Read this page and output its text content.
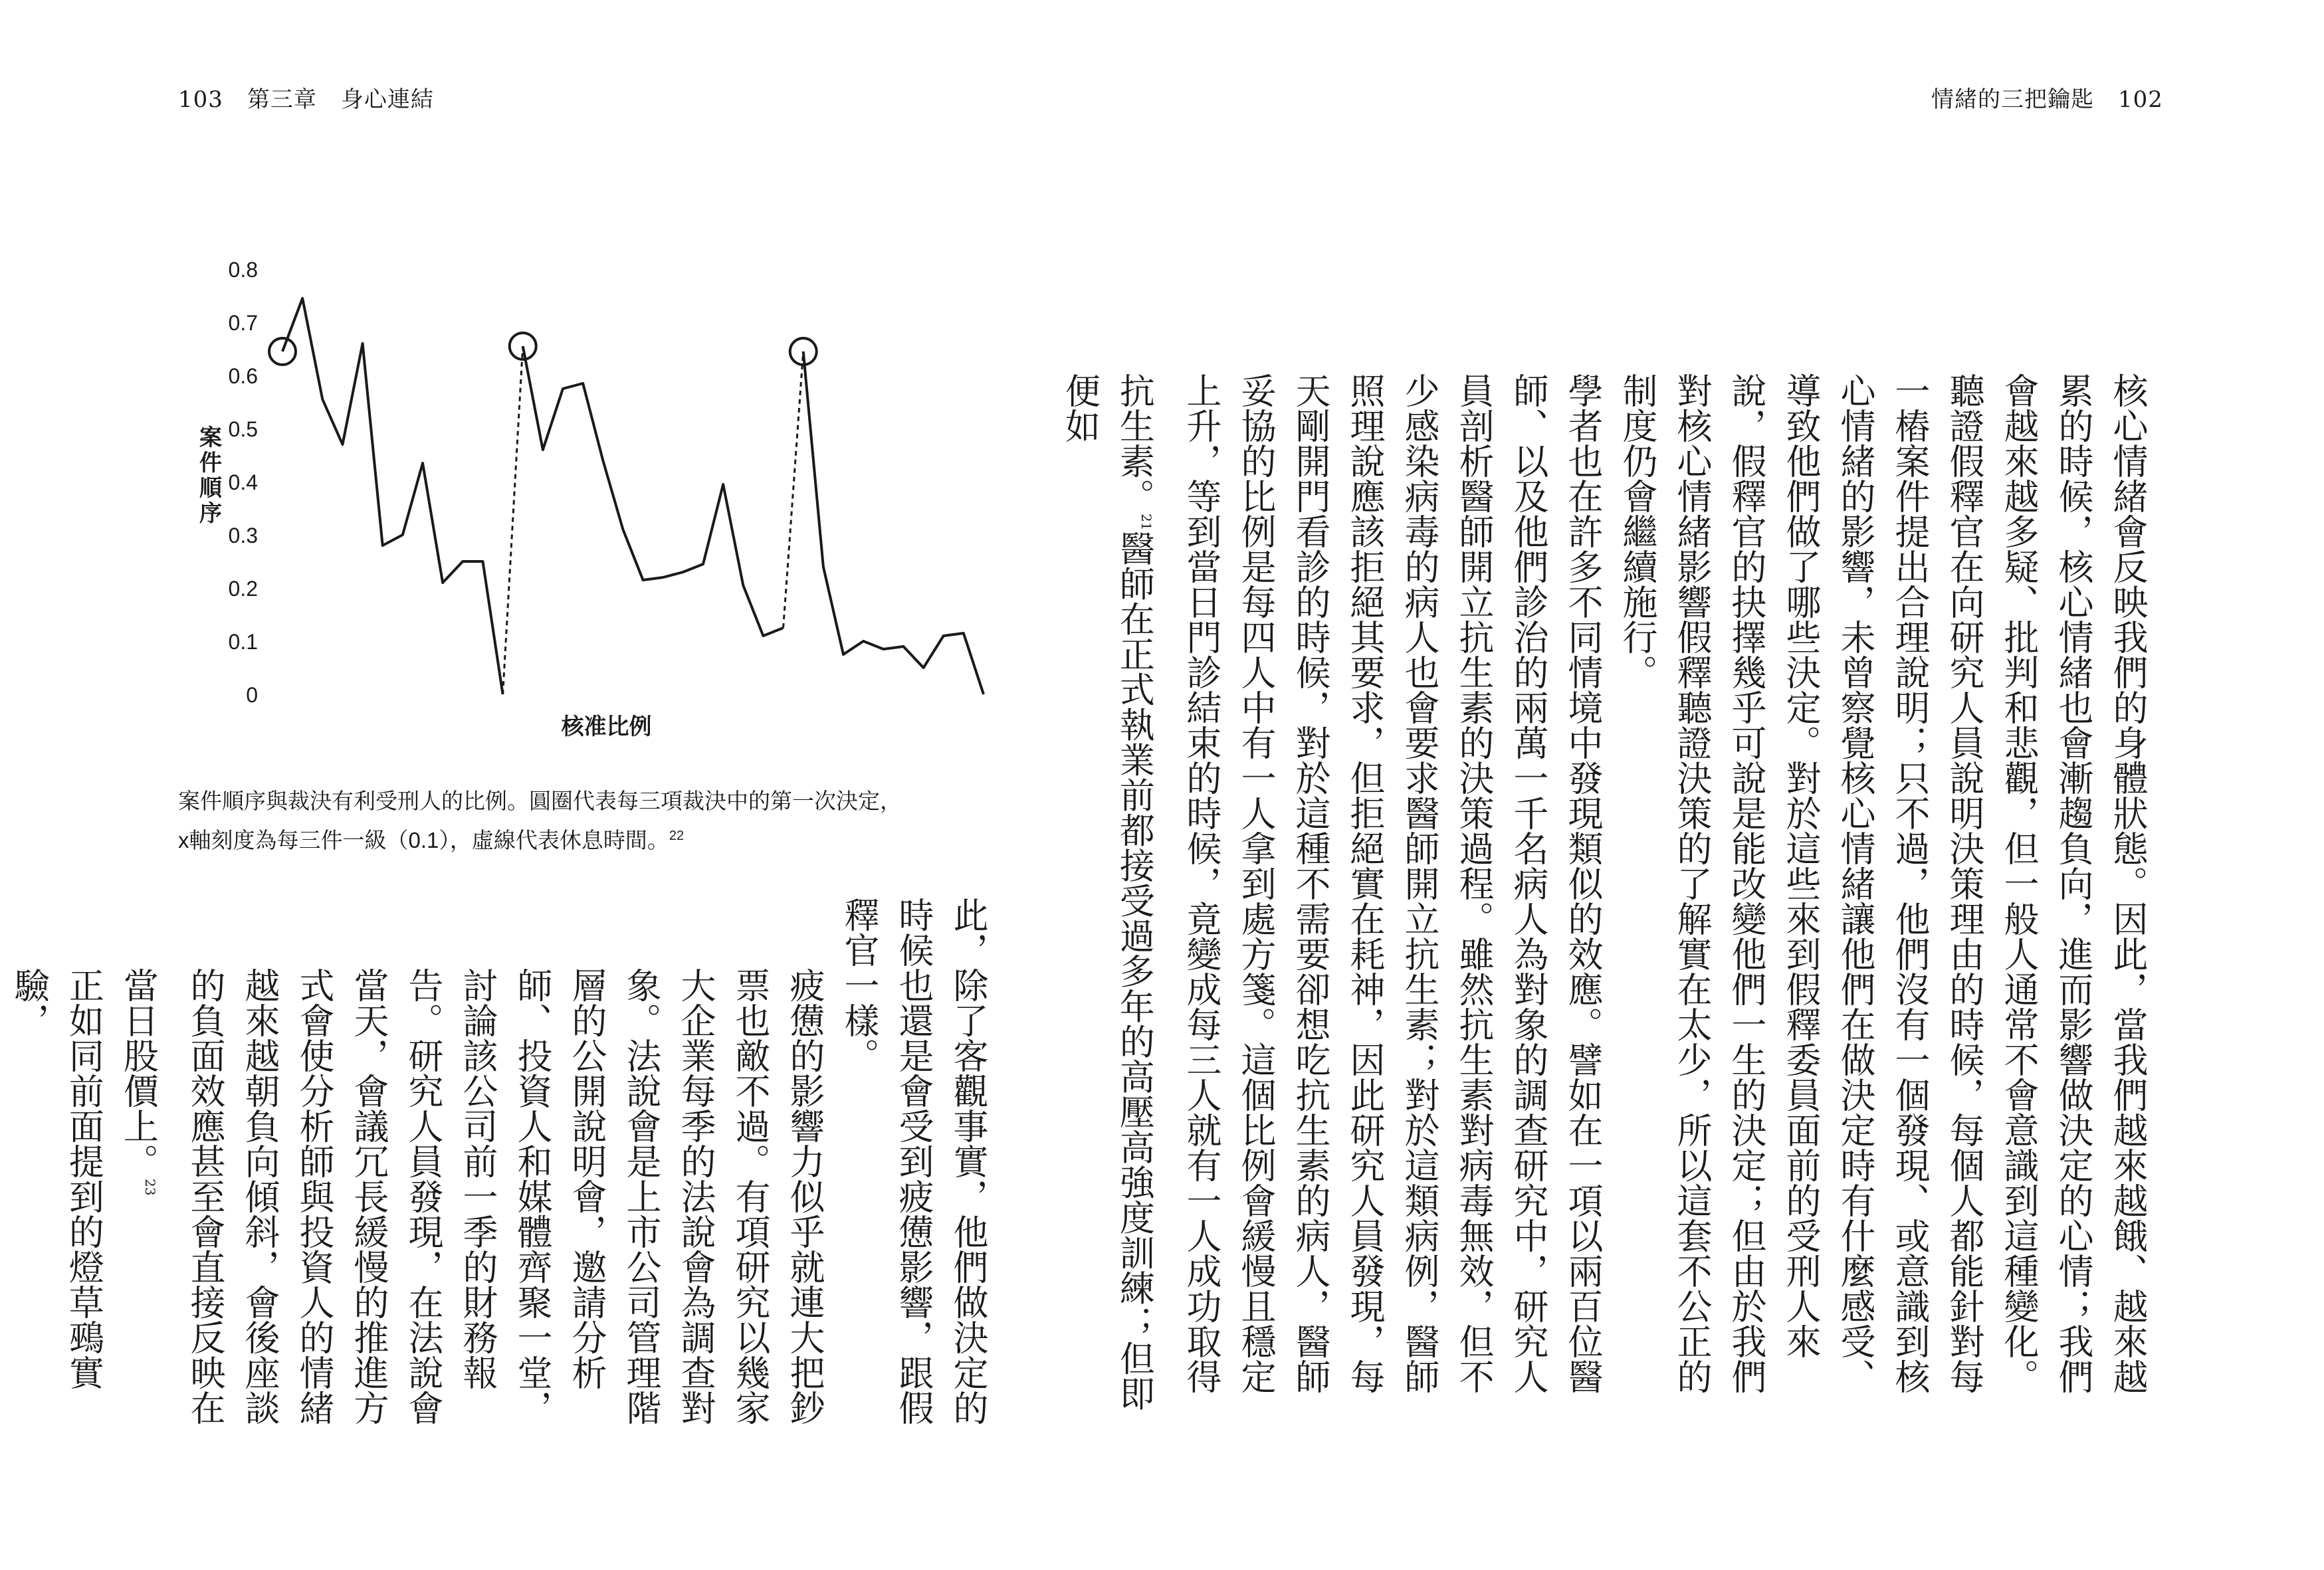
103 第三章 身心連結	情緒的三把鑰匙 102
0
0.1
0.2
0.3
0.4
0.5
0.6
0.7
0.8
案件順序
核准比例
案件順序與裁決有利受刑人的比例。圓圈代表每三項裁決中的第一次決定，
x軸刻度為每三件一級（0.1），虛線代表休息時間。$^{22}$	核心情緒會反映我們的身體狀態。因此，當我們越來越餓、越來越累的時候，核心情緒也會漸趨負向，進而影響做決定的心情；我們會越來越多疑、批判和悲觀，但一般人通常不會意識到這種變化。聽證假釋官在向研究人員說明決策理由的時候，每個人都能針對每一樁案件提出合理說明；只不過，他們沒有一個發現、或意識到核心情緒的影響，未曾察覺核心情緒讓他們在做決定時有什麼感受、導致他們做了哪些決定。對於這些來到假釋委員面前的受刑人來說，假釋官的抉擇幾乎可說是能改變他們一生的決定；但由於我們對核心情緒影響假釋聽證決策的了解實在太少，所以這套不公正的制度仍會繼續施行。

學者也在許多不同情境中發現類似的效應。譬如在一項以兩百位醫師、以及他們診治的兩萬一千名病人為對象的調查研究中，研究人員剖析醫師開立抗生素的決策過程。雖然抗生素對病毒無效，但不少感染病毒的病人也會要求醫師開立抗生素；對於這類病例，醫師照理說應該拒絕其要求，但拒絕實在耗神，因此研究人員發現，每天剛開門看診的時候，對於這種不需要卻想吃抗生素的病人，醫師妥協的比例是每四人中有一人拿到處方箋。這個比例會緩慢且穩定上升，等到當日門診結束的時候，竟變成每三人就有一人成功取得抗生素。$^{21}$醫師在正式執業前都接受過多年的高壓高強度訓練；但即便如

此，除了客觀事實，他們做決定的時候也還是會受到疲憊影響，跟假釋官一樣。

疲憊的影響力似乎就連大把鈔票也敵不過。有項研究以幾家大企業每季的法說會為調查對象。法說會是上市公司管理階層的公開說明會，邀請分析師、投資人和媒體齊聚一堂，討論該公司前一季的財務報告。研究人員發現，在法說會當天，會議冗長緩慢的推進方式會使分析師與投資人的情緒越來越朝負向傾斜，會後座談的負面效應甚至會直接反映在當日股價上。$^{23}$

正如同前面提到的燈草鵐實驗，
